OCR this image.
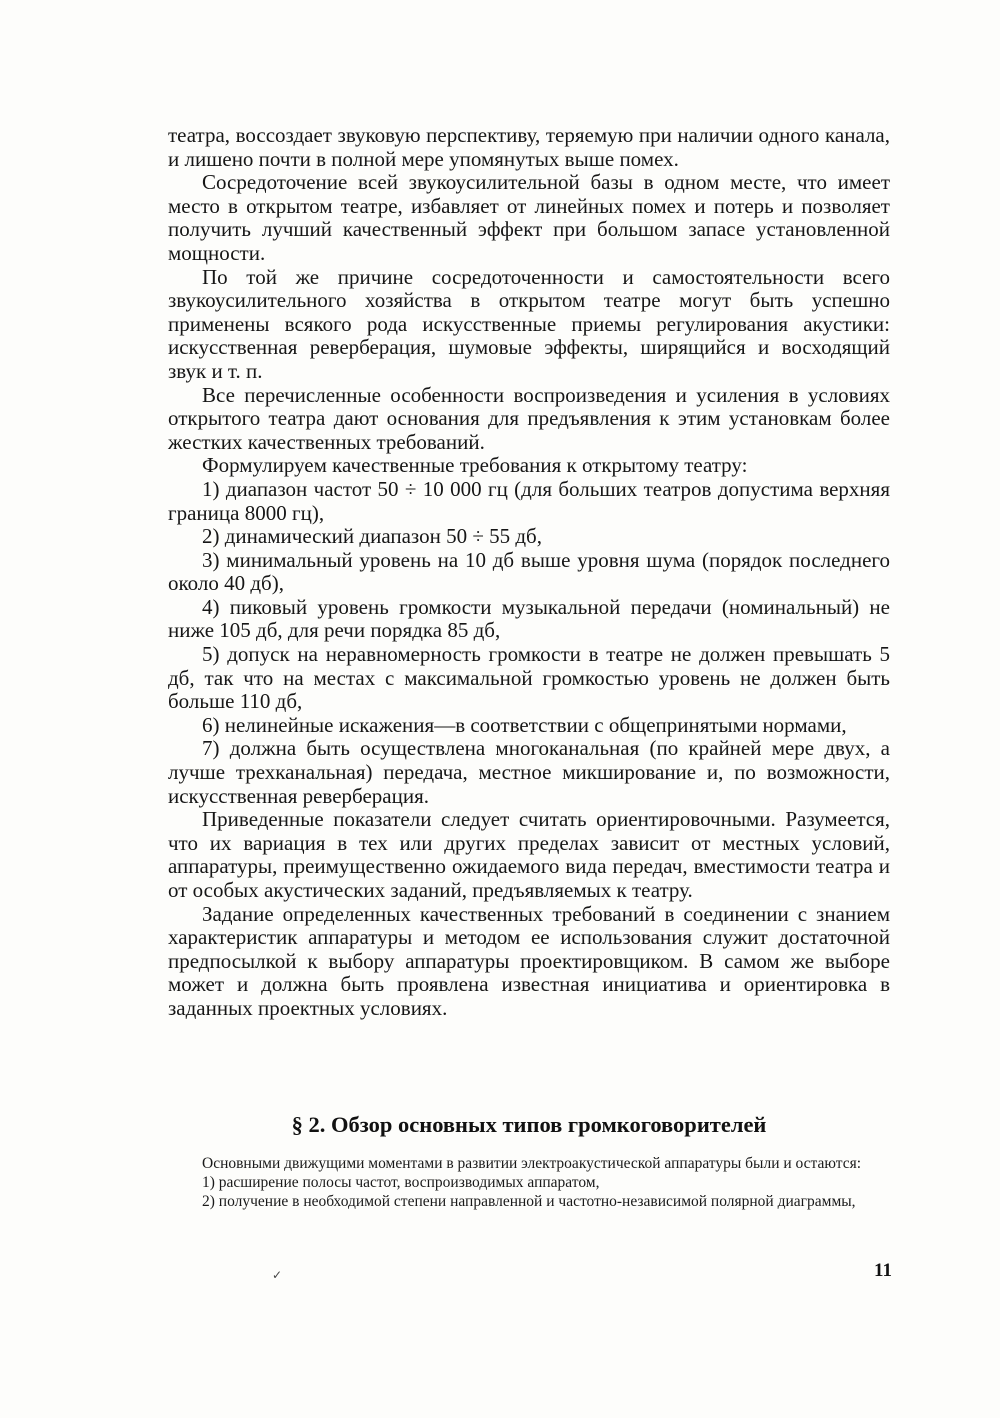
театра, воссоздает звуковую перспективу, теряемую при наличии одного канала, и лишено почти в полной мере упомянутых выше помех.

Сосредоточение всей звукоусилительной базы в одном месте, что имеет место в открытом театре, избавляет от линейных помех и потерь и позволяет получить лучший качественный эффект при большом запасе установленной мощности.

По той же причине сосредоточенности и самостоятельности всего звукоусилительного хозяйства в открытом театре могут быть успешно применены всякого рода искусственные приемы регулирования акустики: искусственная реверберация, шумовые эффекты, ширящийся и восходящий звук и т. п.

Все перечисленные особенности воспроизведения и усиления в условиях открытого театра дают основания для предъявления к этим установкам более жестких качественных требований.

Формулируем качественные требования к открытому театру:

1) диапазон частот 50 ÷ 10 000 гц (для больших театров допустима верхняя граница 8000 гц),

2) динамический диапазон 50 ÷ 55 дб,

3) минимальный уровень на 10 дб выше уровня шума (порядок последнего около 40 дб),

4) пиковый уровень громкости музыкальной передачи (номинальный) не ниже 105 дб, для речи порядка 85 дб,

5) допуск на неравномерность громкости в театре не должен превышать 5 дб, так что на местах с максимальной громкостью уровень не должен быть больше 110 дб,

6) нелинейные искажения—в соответствии с общепринятыми нормами,

7) должна быть осуществлена многоканальная (по крайней мере двух, а лучше трехканальная) передача, местное микширование и, по возможности, искусственная реверберация.

Приведенные показатели следует считать ориентировочными. Разумеется, что их вариация в тех или других пределах зависит от местных условий, аппаратуры, преимущественно ожидаемого вида передач, вместимости театра и от особых акустических заданий, предъявляемых к театру.

Задание определенных качественных требований в соединении с знанием характеристик аппаратуры и методом ее использования служит достаточной предпосылкой к выбору аппаратуры проектировщиком. В самом же выборе может и должна быть проявлена известная инициатива и ориентировка в заданных проектных условиях.

§ 2. Обзор основных типов громкоговорителей

Основными движущими моментами в развитии электроакустической аппаратуры были и остаются:

1) расширение полосы частот, воспроизводимых аппаратом,

2) получение в необходимой степени направленной и частотно-независимой полярной диаграммы,

✓	11
